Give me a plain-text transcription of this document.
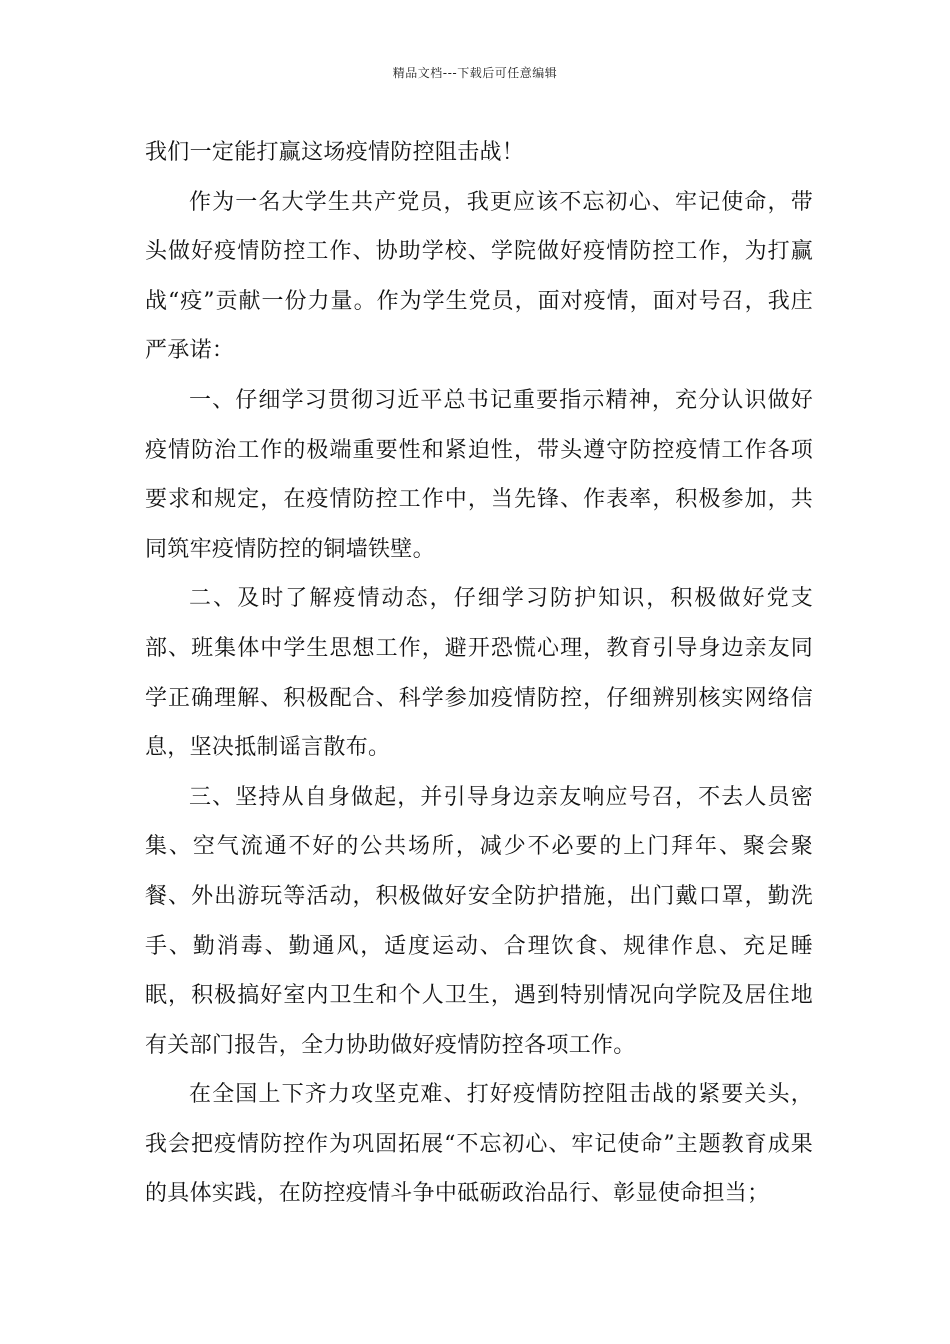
精品文档---下载后可任意编辑

我们一定能打赢这场疫情防控阻击战！

作为一名大学生共产党员，我更应该不忘初心、牢记使命，带头做好疫情防控工作、协助学校、学院做好疫情防控工作，为打赢战“疫”贡献一份力量。作为学生党员，面对疫情，面对号召，我庄严承诺：

一、仔细学习贯彻习近平总书记重要指示精神，充分认识做好疫情防治工作的极端重要性和紧迫性，带头遵守防控疫情工作各项要求和规定，在疫情防控工作中，当先锋、作表率，积极参加，共同筑牢疫情防控的铜墙铁壁。

二、及时了解疫情动态，仔细学习防护知识，积极做好党支部、班集体中学生思想工作，避开恐慌心理，教育引导身边亲友同学正确理解、积极配合、科学参加疫情防控，仔细辨别核实网络信息，坚决抵制谣言散布。

三、坚持从自身做起，并引导身边亲友响应号召，不去人员密集、空气流通不好的公共场所，减少不必要的上门拜年、聚会聚餐、外出游玩等活动，积极做好安全防护措施，出门戴口罩，勤洗手、勤消毒、勤通风，适度运动、合理饮食、规律作息、充足睡眠，积极搞好室内卫生和个人卫生，遇到特别情况向学院及居住地有关部门报告，全力协助做好疫情防控各项工作。

在全国上下齐力攻坚克难、打好疫情防控阻击战的紧要关头，我会把疫情防控作为巩固拓展“不忘初心、牢记使命”主题教育成果的具体实践，在防控疫情斗争中砥砺政治品行、彰显使命担当；
